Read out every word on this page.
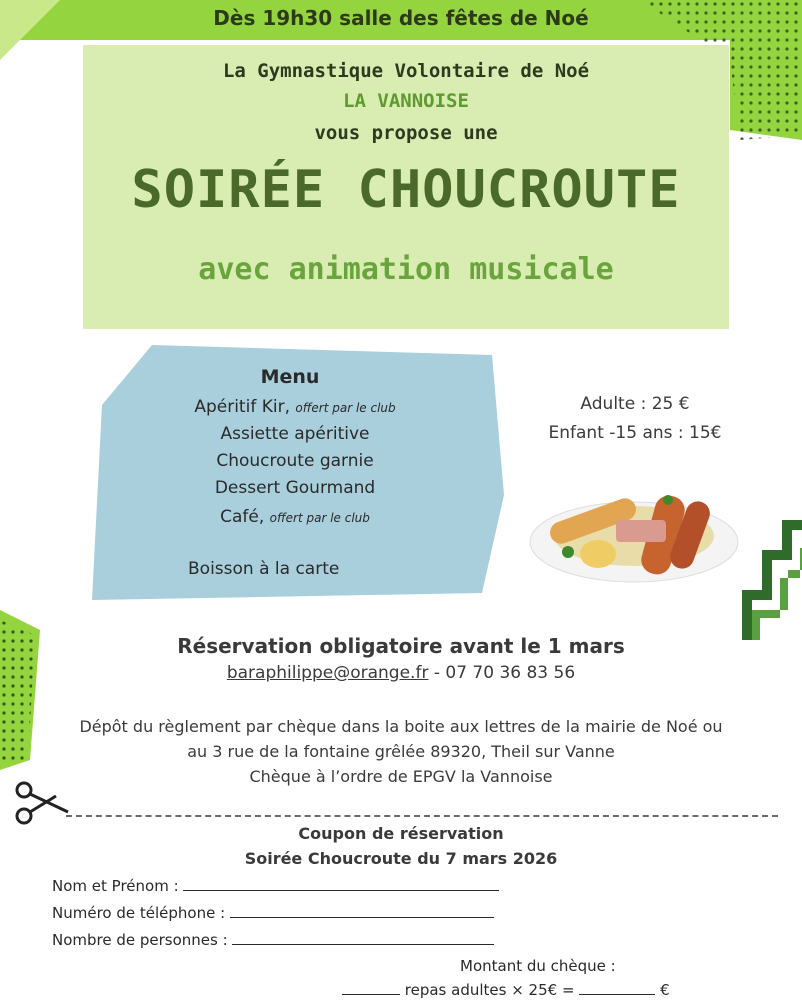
Dès 19h30 salle des fêtes de Noé
La Gymnastique Volontaire de Noé
LA VANNOISE
vous propose une
SOIRÉE CHOUCROUTE
avec animation musicale
Menu
Apéritif Kir, offert par le club
Assiette apéritive
Choucroute garnie
Dessert Gourmand
Café, offert par le club
Boisson à la carte
Adulte : 25 €
Enfant -15 ans : 15€
Réservation obligatoire avant le 1 mars
baraphilippe@orange.fr - 07 70 36 83 56
Dépôt du règlement par chèque dans la boite aux lettres de la mairie de Noé ou
au 3 rue de la fontaine grêlée 89320, Theil sur Vanne
Chèque à l’ordre de EPGV la Vannoise
Coupon de réservation
Soirée Choucroute du 7 mars 2026
Nom et Prénom :
Numéro de téléphone :
Nombre de personnes :
Montant du chèque :
repas adultes × 25€ =	€
